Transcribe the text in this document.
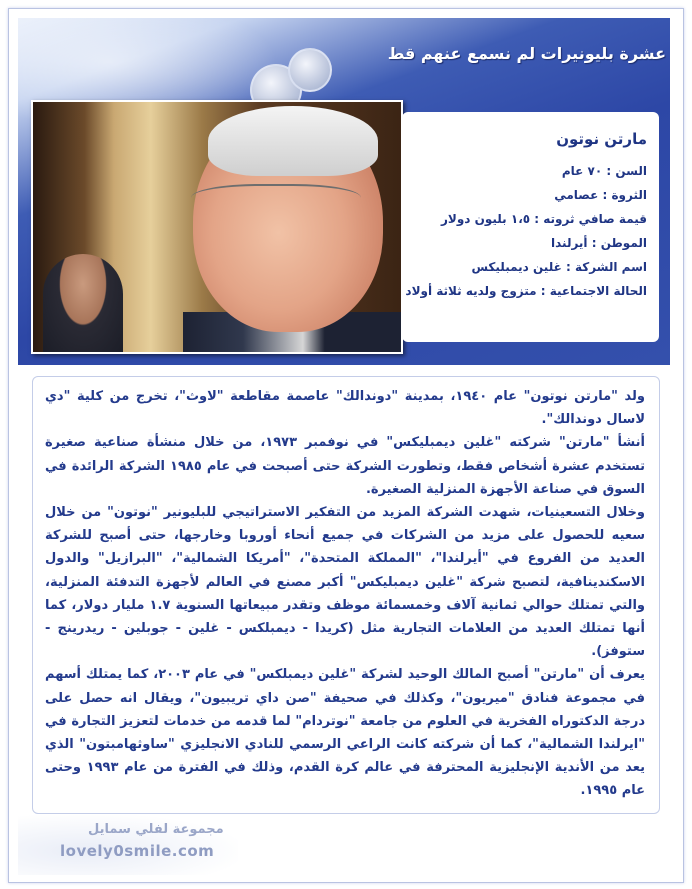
عشرة بليونيرات لم نسمع عنهم قط
مارتن نوتون
السن : ٧٠ عام
الثروة : عصامي
قيمة صافي ثروته : ١،٥ بليون دولار
الموطن : أيرلندا
اسم الشركة : غلين ديمبليكس
الحالة الاجتماعية : متزوج ولديه ثلاثة أولاد

ولد "مارتن نوتون" عام ١٩٤٠، بمدينة "دوندالك" عاصمة مقاطعة "لاوث"، تخرج من كلية "دي لاسال دوندالك".

أنشأ "مارتن" شركته "غلين ديمبليكس" في نوفمبر ١٩٧٣، من خلال منشأة صناعية صغيرة تستخدم عشرة أشخاص فقط، وتطورت الشركة حتى أصبحت في عام ١٩٨٥ الشركة الرائدة في السوق في صناعة الأجهزة المنزلية الصغيرة.

وخلال التسعينيات، شهدت الشركة المزيد من التفكير الاستراتيجي للبليونير "نوتون" من خلال سعيه للحصول على مزيد من الشركات في جميع أنحاء أوروبا وخارجها، حتى أصبح للشركة العديد من الفروع في "أيرلندا"، "المملكة المتحدة"، "أمريكا الشمالية"، "البرازيل" والدول الاسكندينافية، لتصبح شركة "غلين ديمبليكس" أكبر مصنع في العالم لأجهزة التدفئة المنزلية، والتي تمتلك حوالي ثمانية آلاف وخمسمائة موظف وتقدر مبيعاتها السنوية ١.٧ مليار دولار، كما أنها تمتلك العديد من العلامات التجارية مثل (كريدا - ديمبلكس - غلين - جوبلين - ريدرينج - ستوفز).

يعرف أن "مارتن" أصبح المالك الوحيد لشركة "غلين ديمبلكس" في عام ٢٠٠٣، كما يمتلك أسهم في مجموعة فنادق "ميريون"، وكذلك في صحيفة "صن داي تريبيون"، ويقال انه حصل على درجة الدكتوراه الفخرية في العلوم من جامعة "نوتردام" لما قدمه من خدمات لتعزيز التجارة في "ايرلندا الشمالية"، كما أن شركته كانت الراعي الرسمي للنادي الانجليزي "ساوثهامبتون" الذي يعد من الأندية الإنجليزية المحترفة في عالم كرة القدم، وذلك في الفترة من عام ١٩٩٣ وحتى عام ١٩٩٥.

مجموعة لفلي سمايل
lovely0smile.com
